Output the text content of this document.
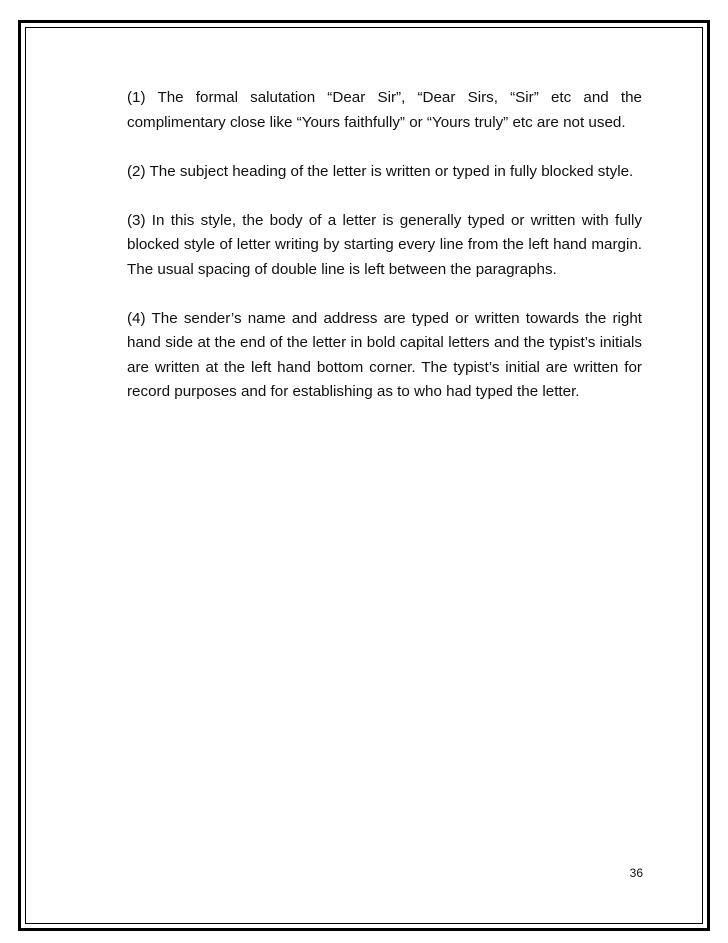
(1) The formal salutation “Dear Sir”, “Dear Sirs, “Sir” etc and the complimentary close like “Yours faithfully” or “Yours truly” etc are not used.

(2) The subject heading of the letter is written or typed in fully blocked style.

(3) In this style, the body of a letter is generally typed or written with fully blocked style of letter writing by starting every line from the left hand margin. The usual spacing of double line is left between the paragraphs.

(4) The sender’s name and address are typed or written towards the right hand side at the end of the letter in bold capital letters and the typist’s initials are written at the left hand bottom corner. The typist’s initial are written for record purposes and for establishing as to who had typed the letter.

36
